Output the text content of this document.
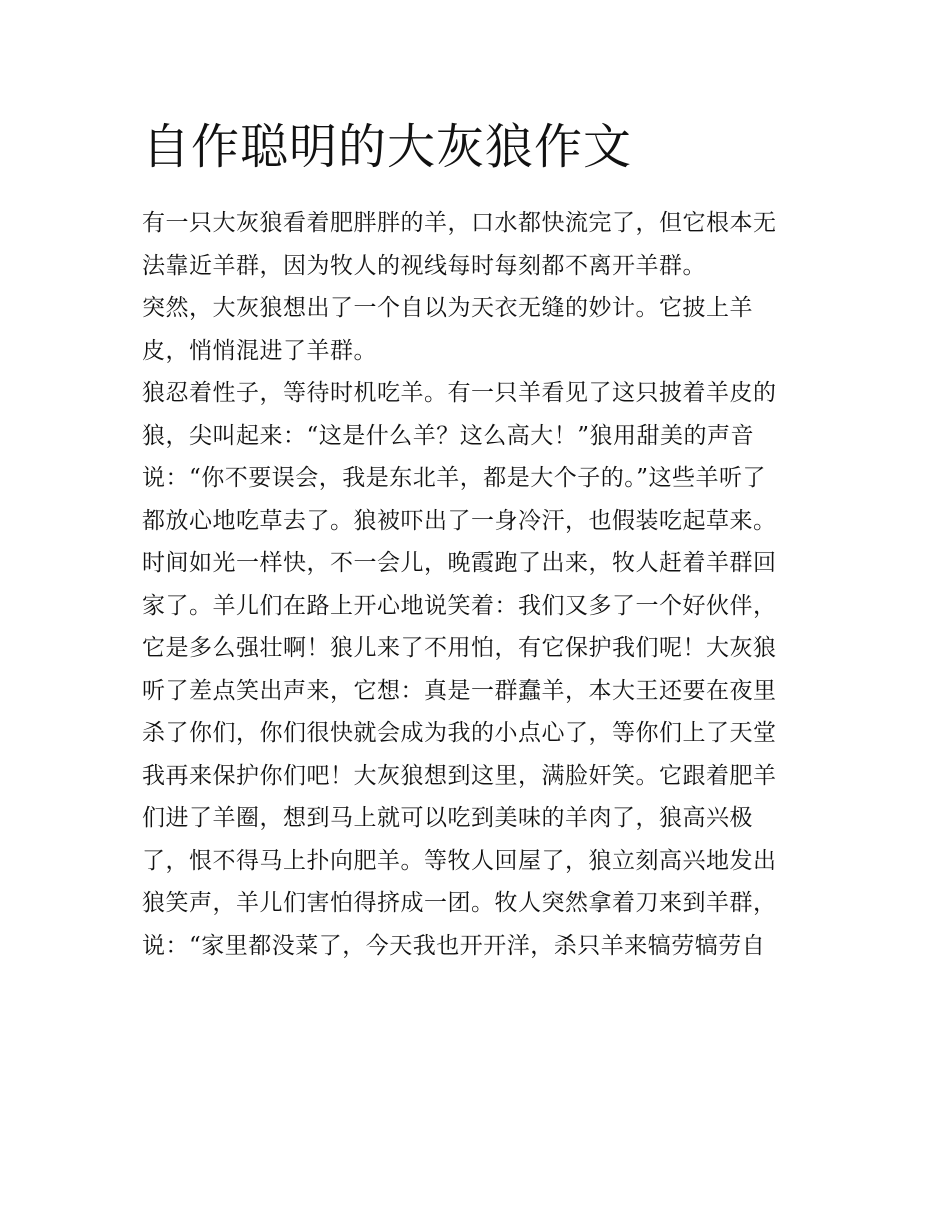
自作聪明的大灰狼作文
有一只大灰狼看着肥胖胖的羊，口水都快流完了，但它根本无
法靠近羊群，因为牧人的视线每时每刻都不离开羊群。
突然，大灰狼想出了一个自以为天衣无缝的妙计。它披上羊
皮，悄悄混进了羊群。
狼忍着性子，等待时机吃羊。有一只羊看见了这只披着羊皮的
狼，尖叫起来：“这是什么羊？这么高大！”狼用甜美的声音
说：“你不要误会，我是东北羊，都是大个子的。”这些羊听了
都放心地吃草去了。狼被吓出了一身冷汗，也假装吃起草来。
时间如光一样快，不一会儿，晚霞跑了出来，牧人赶着羊群回
家了。羊儿们在路上开心地说笑着：我们又多了一个好伙伴，
它是多么强壮啊！狼儿来了不用怕，有它保护我们呢！大灰狼
听了差点笑出声来，它想：真是一群蠢羊，本大王还要在夜里
杀了你们，你们很快就会成为我的小点心了，等你们上了天堂
我再来保护你们吧！大灰狼想到这里，满脸奸笑。它跟着肥羊
们进了羊圈，想到马上就可以吃到美味的羊肉了，狼高兴极
了，恨不得马上扑向肥羊。等牧人回屋了，狼立刻高兴地发出
狼笑声，羊儿们害怕得挤成一团。牧人突然拿着刀来到羊群，
说：“家里都没菜了，今天我也开开洋，杀只羊来犒劳犒劳自
